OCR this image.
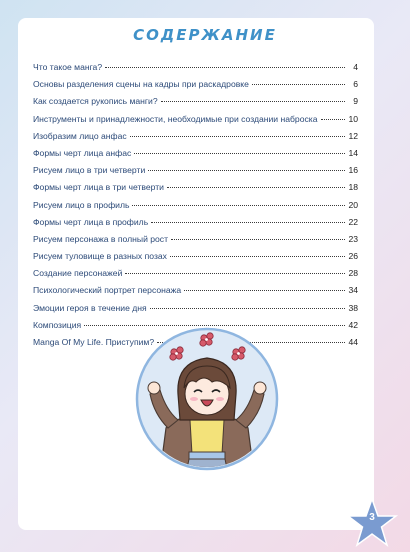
СОДЕРЖАНИЕ
Что такое манга?	4
Основы разделения сцены на кадры при раскадровке	6
Как создается рукопись манги?	9
Инструменты и принадлежности, необходимые при создании наброска	10
Изобразим лицо анфас	12
Формы черт лица анфас	14
Рисуем лицо в три четверти	16
Формы черт лица в три четверти	18
Рисуем лицо в профиль	20
Формы черт лица в профиль	22
Рисуем персонажа в полный рост	23
Рисуем туловище в разных позах	26
Создание персонажей	28
Психологический портрет персонажа	34
Эмоции героя в течение дня	38
Композиция	42
Manga Of My Life. Приступим?	44
3
